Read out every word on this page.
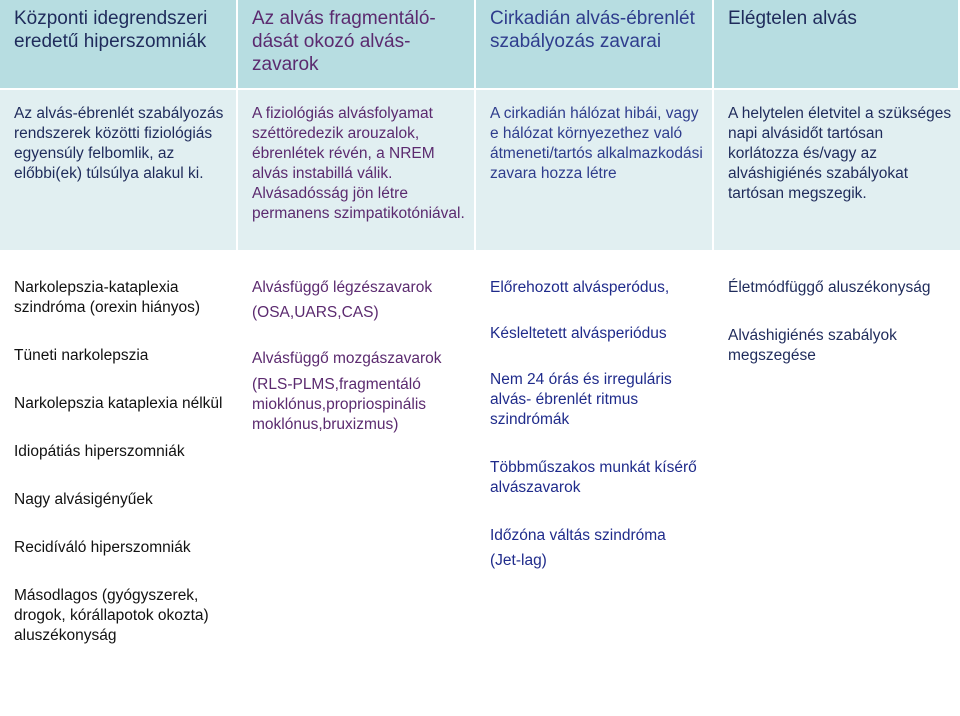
Központi idegrendszeri eredetű hiperszomniák

Az alvás fragmentáló-dását okozó alvás-zavarok

Cirkadián alvás-ébrenlét szabályozás zavarai

Elégtelen alvás

Az alvás-ébrenlét szabályozás rendszerek közötti fiziológiás egyensúly felbomlik, az előbbi(ek) túlsúlya alakul ki.

A fiziológiás alvásfolyamat széttöredezik arouzalok, ébrenlétek révén, a NREM alvás instabillá válik. Alvásadósság jön létre permanens szimpatikotóniával.

A cirkadián hálózat hibái, vagy e hálózat környezethez való átmeneti/tartós alkalmazkodási zavara hozza létre

A helytelen életvitel a szükséges napi alvásidőt tartósan korlátozza és/vagy az alváshigiénés szabályokat tartósan megszegik.

Narkolepszia-kataplexia szindróma (orexin hiányos)

Tüneti narkolepszia

Narkolepszia kataplexia nélkül

Idiopátiás hiperszomniák

Nagy alvásigényűek

Recidíváló hiperszomniák

Másodlagos (gyógyszerek, drogok, kórállapotok okozta) aluszékonyság

Alvásfüggő légzészavarok

(OSA,UARS,CAS)

Alvásfüggő mozgászavarok

(RLS-PLMS,fragmentáló mioklónus,propriospinális moklónus,bruxizmus)

Előrehozott alvásperódus,

Késleltetett alvásperiódus

Nem 24 órás és irreguláris alvás- ébrenlét ritmus szindrómák

Többműszakos munkát kísérő alvászavarok

Időzóna váltás szindróma

(Jet-lag)

Életmódfüggő aluszékonyság

Alváshigiénés szabályok megszegése
